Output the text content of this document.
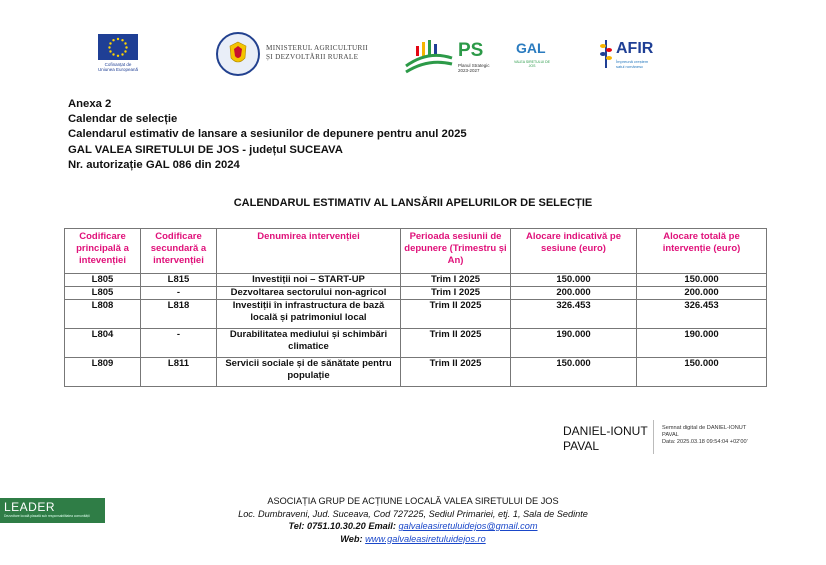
Cofinanțat de Uniunea Europeană
MINISTERUL AGRICULTURII
ȘI DEZVOLTĂRII RURALE	PS
Planul Strategic
2023-2027
GAL
VALEA SIRETULUI DE JOS
AFIR
Împreună creștem
satul românesc
Anexa 2
Calendar de selecție
Calendarul estimativ de lansare a sesiunilor de depunere pentru anul 2025
GAL VALEA SIRETULUI DE JOS - județul SUCEAVA
Nr. autorizație GAL 086 din 2024
CALENDARUL ESTIMATIV AL LANSĂRII APELURILOR DE SELECȚIE
Codificare principală a intevenției	Codificare secundară a intervenției	Denumirea intervenției	Perioada sesiunii de depunere (Trimestru și An)	Alocare indicativă pe sesiune (euro)	Alocare totală pe intervenție (euro)
L805	L815	Investiții noi – START-UP	Trim I 2025	150.000	150.000
L805	-	Dezvoltarea sectorului non-agricol	Trim I 2025	200.000	200.000
L808	L818	Investiții în infrastructura de bază locală și patrimoniul local	Trim II 2025	326.453	326.453
L804	-	Durabilitatea mediului și schimbări climatice	Trim II 2025	190.000	190.000
L809	L811	Servicii sociale și de sănătate pentru populație	Trim II 2025	150.000	150.000
DANIEL-IONUT
PAVAL
Semnat digital de DANIEL-IONUT
PAVAL
Data: 2025.03.18 09:54:04 +02'00'
LEADER
Dezvoltare locală plasată sub responsabilitatea comunității
ASOCIAȚIA GRUP DE ACȚIUNE LOCALĂ VALEA SIRETULUI DE JOS
Loc. Dumbraveni, Jud. Suceava, Cod 727225, Sediul Primariei, etj. 1, Sala de Sedinte
Tel: 0751.10.30.20 Email: galvaleasiretuluidejos@gmail.com
Web: www.galvaleasiretuluidejos.ro
